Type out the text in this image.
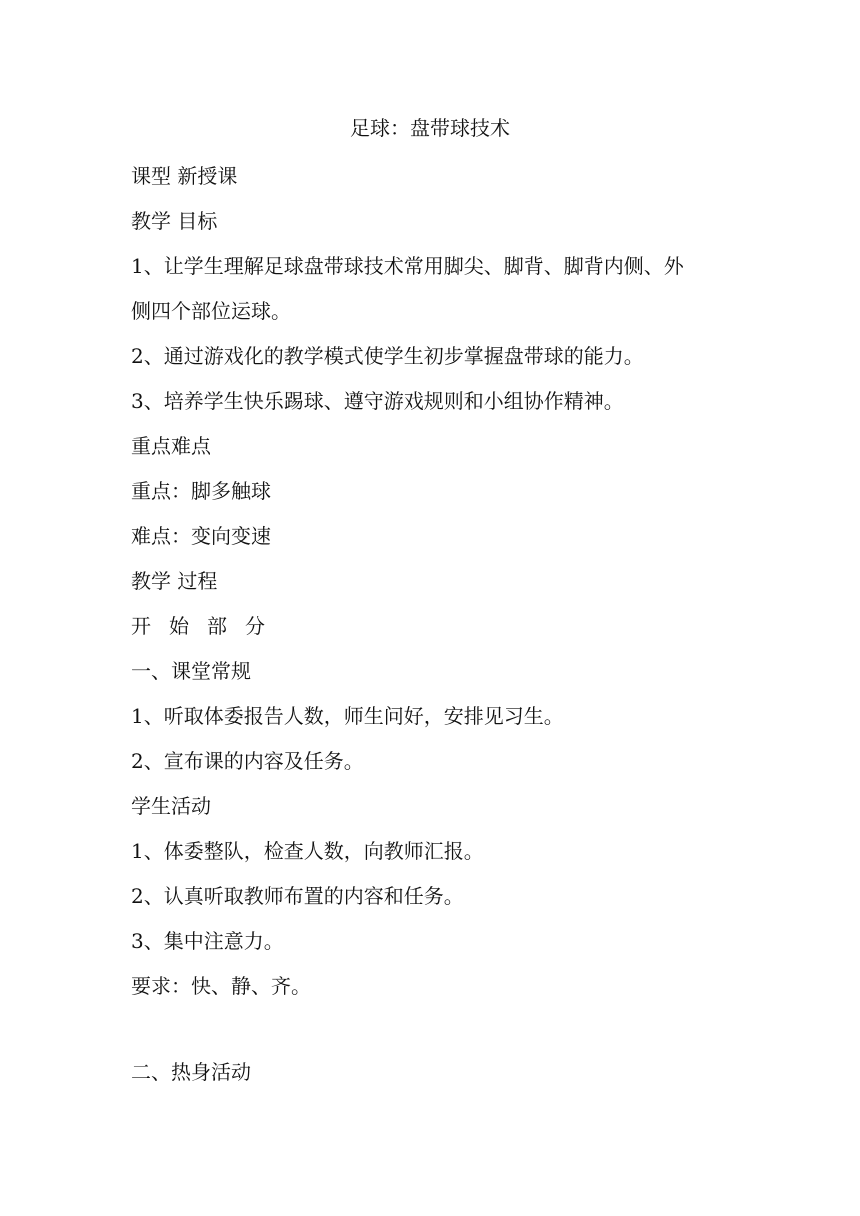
足球：盘带球技术
课型 新授课
教学 目标
1、让学生理解足球盘带球技术常用脚尖、脚背、脚背内侧、外
侧四个部位运球。
2、通过游戏化的教学模式使学生初步掌握盘带球的能力。
3、培养学生快乐踢球、遵守游戏规则和小组协作精神。
重点难点
重点：脚多触球
难点：变向变速
教学 过程
开始部分
一、课堂常规
1、听取体委报告人数，师生问好，安排见习生。
2、宣布课的内容及任务。
学生活动
1、体委整队，检查人数，向教师汇报。
2、认真听取教师布置的内容和任务。
3、集中注意力。
要求：快、静、齐。
二、热身活动
